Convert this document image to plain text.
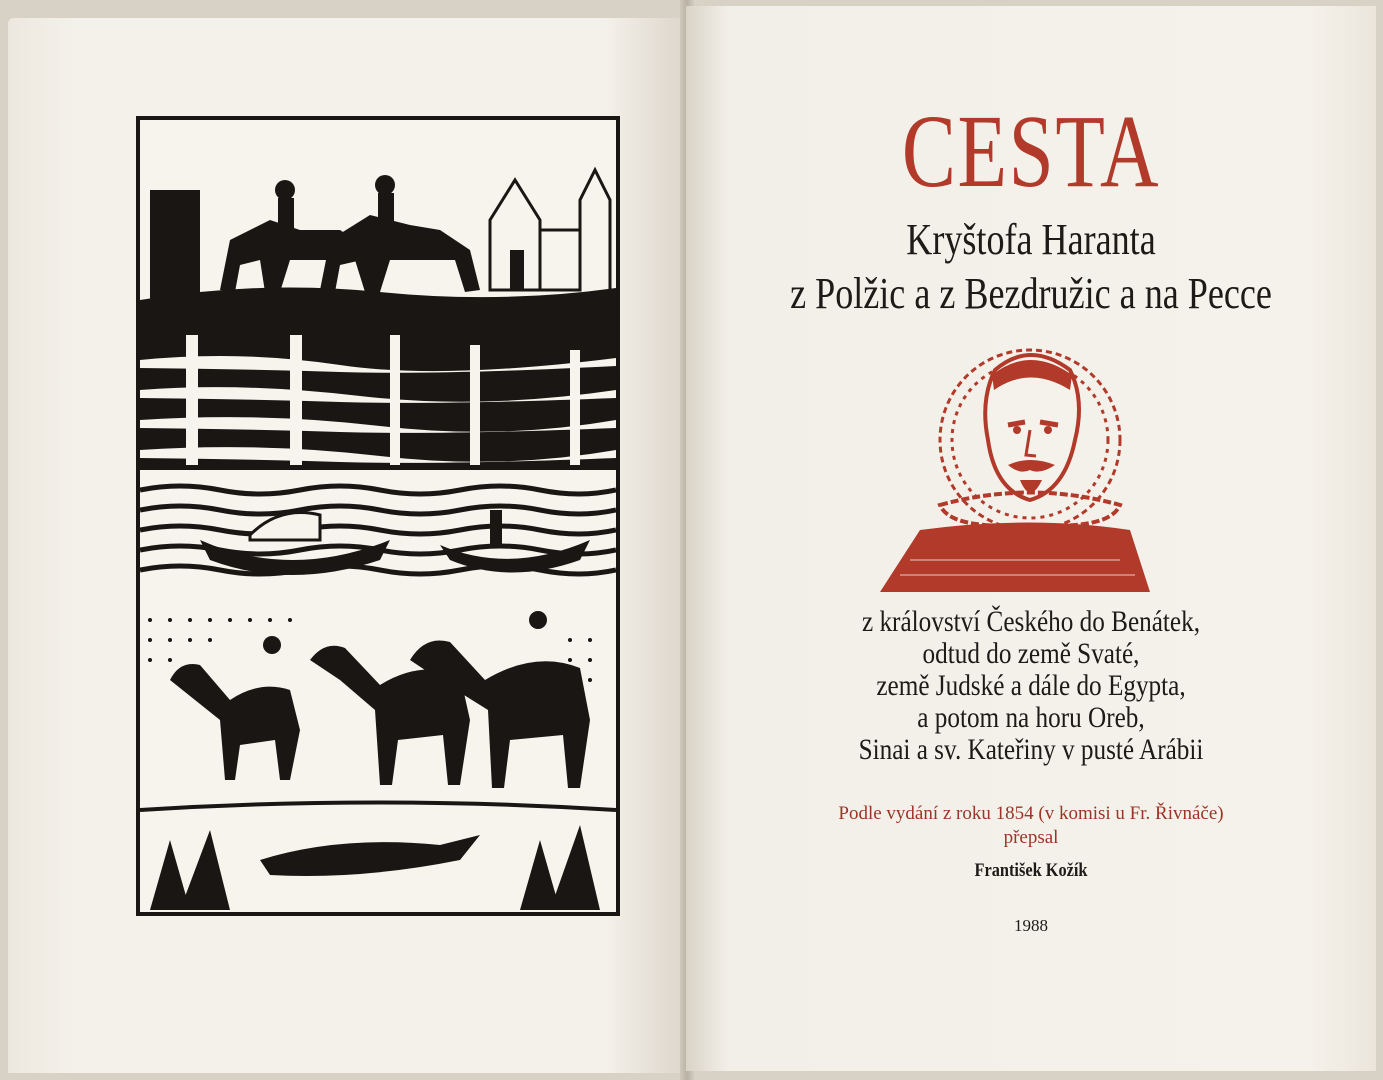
CESTA
Kryštofa Haranta
z Polžic a z Bezdružic a na Pecce
z království Českého do Benátek,
odtud do země Svaté,
země Judské a dále do Egypta,
a potom na horu Oreb,
Sinai a sv. Kateřiny v pusté Arábii
Podle vydání z roku 1854 (v komisi u Fr. Řivnáče)
přepsal
František Kožík
1988
